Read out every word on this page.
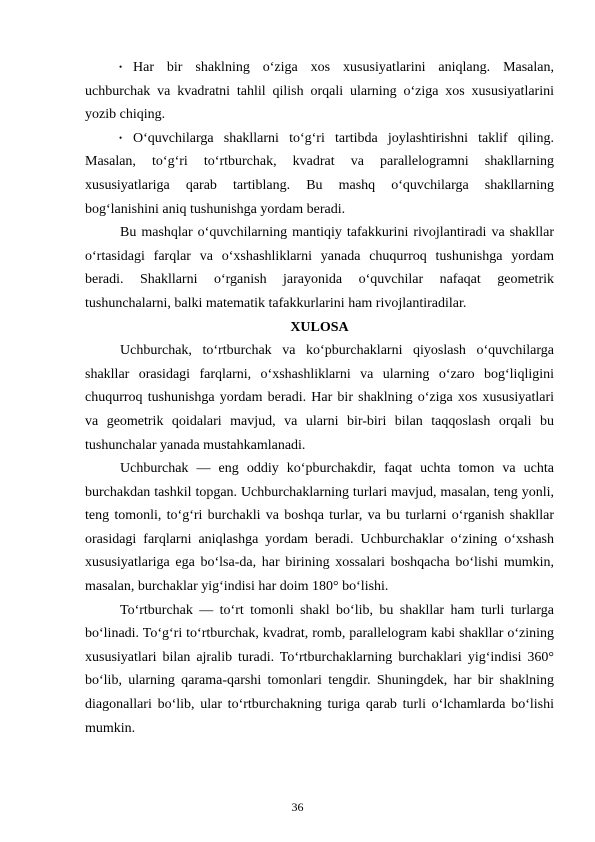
• Har bir shaklning o‘ziga xos xususiyatlarini aniqlang. Masalan, uchburchak va kvadratni tahlil qilish orqali ularning o‘ziga xos xususiyatlarini yozib chiqing.
• O‘quvchilarga shakllarni to‘g‘ri tartibda joylashtirishni taklif qiling. Masalan, to‘g‘ri to‘rtburchak, kvadrat va parallelogramni shakllarning xususiyatlariga qarab tartiblang. Bu mashq o‘quvchilarga shakllarning bog‘lanishini aniq tushunishga yordam beradi.

Bu mashqlar o‘quvchilarning mantiqiy tafakkurini rivojlantiradi va shakllar o‘rtasidagi farqlar va o‘xshashliklarni yanada chuqurroq tushunishga yordam beradi. Shakllarni o‘rganish jarayonida o‘quvchilar nafaqat geometrik tushunchalarni, balki matematik tafakkurlarini ham rivojlantiradilar.

XULOSA

Uchburchak, to‘rtburchak va ko‘pburchaklarni qiyoslash o‘quvchilarga shakllar orasidagi farqlarni, o‘xshashliklarni va ularning o‘zaro bog‘liqligini chuqurroq tushunishga yordam beradi. Har bir shaklning o‘ziga xos xususiyatlari va geometrik qoidalari mavjud, va ularni bir-biri bilan taqqoslash orqali bu tushunchalar yanada mustahkamlanadi.

Uchburchak — eng oddiy ko‘pburchakdir, faqat uchta tomon va uchta burchakdan tashkil topgan. Uchburchaklarning turlari mavjud, masalan, teng yonli, teng tomonli, to‘g‘ri burchakli va boshqa turlar, va bu turlarni o‘rganish shakllar orasidagi farqlarni aniqlashga yordam beradi. Uchburchaklar o‘zining o‘xshash xususiyatlariga ega bo‘lsa-da, har birining xossalari boshqacha bo‘lishi mumkin, masalan, burchaklar yig‘indisi har doim 180° bo‘lishi.

To‘rtburchak — to‘rt tomonli shakl bo‘lib, bu shakllar ham turli turlarga bo‘linadi. To‘g‘ri to‘rtburchak, kvadrat, romb, parallelogram kabi shakllar o‘zining xususiyatlari bilan ajralib turadi. To‘rtburchaklarning burchaklari yig‘indisi 360° bo‘lib, ularning qarama-qarshi tomonlari tengdir. Shuningdek, har bir shaklning diagonallari bo‘lib, ular to‘rtburchakning turiga qarab turli o‘lchamlarda bo‘lishi mumkin.

36
